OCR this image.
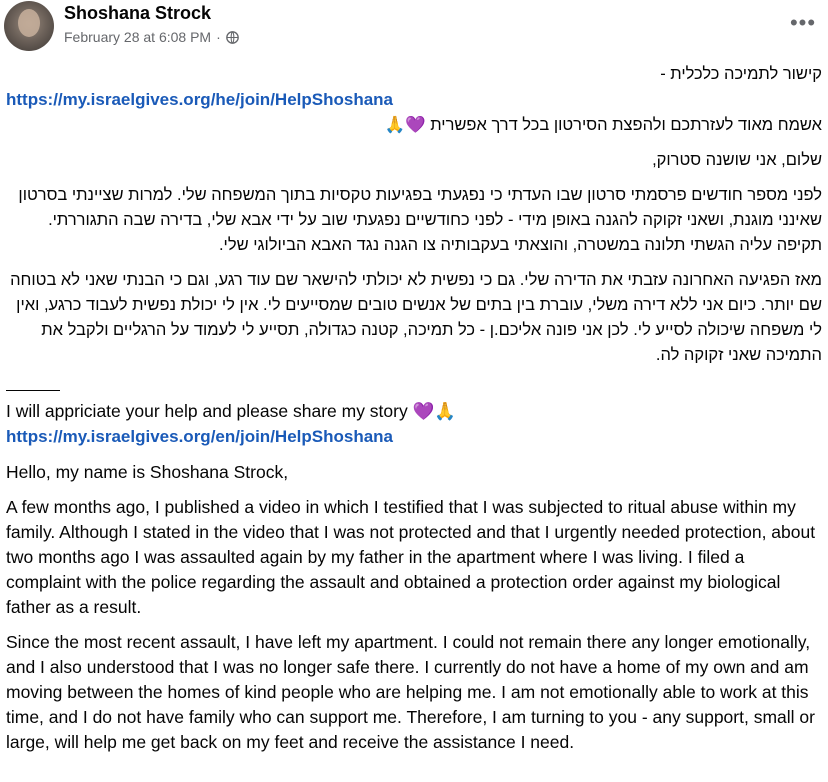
Shoshana Strock
February 28 at 6:08 PM ·
•••

קישור לתמיכה כלכלית -

https://my.israelgives.org/he/join/HelpShoshana

אשמח מאוד לעזרתכם ולהפצת הסירטון בכל דרך אפשרית 💜🙏

שלום, אני שושנה סטרוק,

לפני מספר חודשים פרסמתי סרטון שבו העדתי כי נפגעתי בפגיעות טקסיות בתוך המשפחה שלי. למרות שציינתי בסרטון שאינני מוגנת, ושאני זקוקה להגנה באופן מידי - לפני כחודשיים נפגעתי שוב על ידי אבא שלי, בדירה שבה התגוררתי. תקיפה עליה הגשתי תלונה במשטרה, והוצאתי בעקבותיה צו הגנה נגד האבא הביולוגי שלי.

מאז הפגיעה האחרונה עזבתי את הדירה שלי. גם כי נפשית לא יכולתי להישאר שם עוד רגע, וגם כי הבנתי שאני לא בטוחה שם יותר. כיום אני ללא דירה משלי, עוברת בין בתים של אנשים טובים שמסייעים לי. אין לי יכולת נפשית לעבוד כרגע, ואין לי משפחה שיכולה לסייע לי. לכן אני פונה אליכם.ן - כל תמיכה, קטנה כגדולה, תסייע לי לעמוד על הרגליים ולקבל את התמיכה שאני זקוקה לה.

I will appriciate your help and please share my story 💜🙏

https://my.israelgives.org/en/join/HelpShoshana

Hello, my name is Shoshana Strock,

A few months ago, I published a video in which I testified that I was subjected to ritual abuse within my family. Although I stated in the video that I was not protected and that I urgently needed protection, about two months ago I was assaulted again by my father in the apartment where I was living. I filed a complaint with the police regarding the assault and obtained a protection order against my biological father as a result.

Since the most recent assault, I have left my apartment. I could not remain there any longer emotionally, and I also understood that I was no longer safe there. I currently do not have a home of my own and am moving between the homes of kind people who are helping me. I am not emotionally able to work at this time, and I do not have family who can support me. Therefore, I am turning to you - any support, small or large, will help me get back on my feet and receive the assistance I need.
